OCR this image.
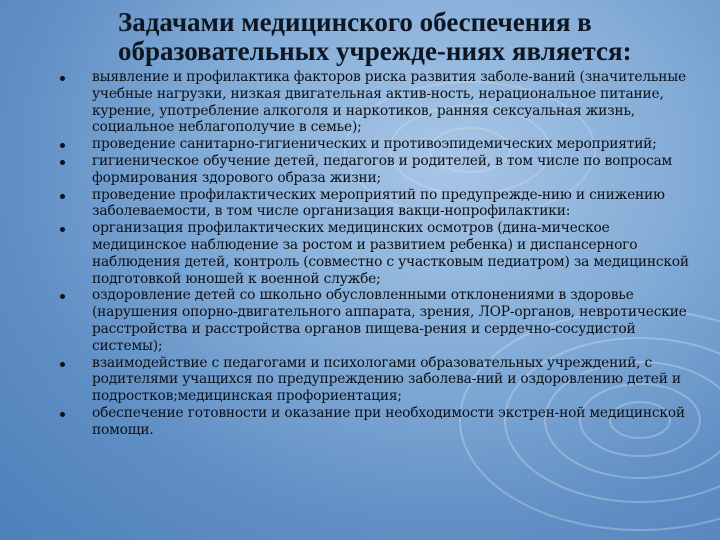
Задачами медицинского обеспечения в образовательных учрежде-ниях является:
выявление и профилактика факторов риска развития заболе-ваний (значительные учебные нагрузки, низкая двигательная актив-ность, нерациональное питание, курение, употребление алкоголя и наркотиков, ранняя сексуальная жизнь, социальное неблагополучие в семье);
проведение санитарно-гигиенических и противоэпидемических мероприятий;
гигиеническое обучение детей, педагогов и родителей, в том числе по вопросам формирования здорового образа жизни;
проведение профилактических мероприятий по предупрежде-нию и снижению заболеваемости, в том числе организация вакци-нопрофилактики:
организация профилактических медицинских осмотров (дина-мическое медицинское наблюдение за ростом и развитием ребенка) и диспансерного наблюдения детей, контроль (совместно с участковым педиатром) за медицинской подготовкой юношей к военной службе;
оздоровление детей со школьно обусловленными отклонениями в здоровье (нарушения опорно-двигательного аппарата, зрения, ЛОР-органов, невротические расстройства и расстройства органов пищева-рения и сердечно-сосудистой системы);
взаимодействие с педагогами и психологами образовательных учреждений, с родителями учащихся по предупреждению заболева-ний и оздоровлению детей и подростков;медицинская профориентация;
обеспечение готовности и оказание при необходимости экстрен-ной медицинской помощи.
